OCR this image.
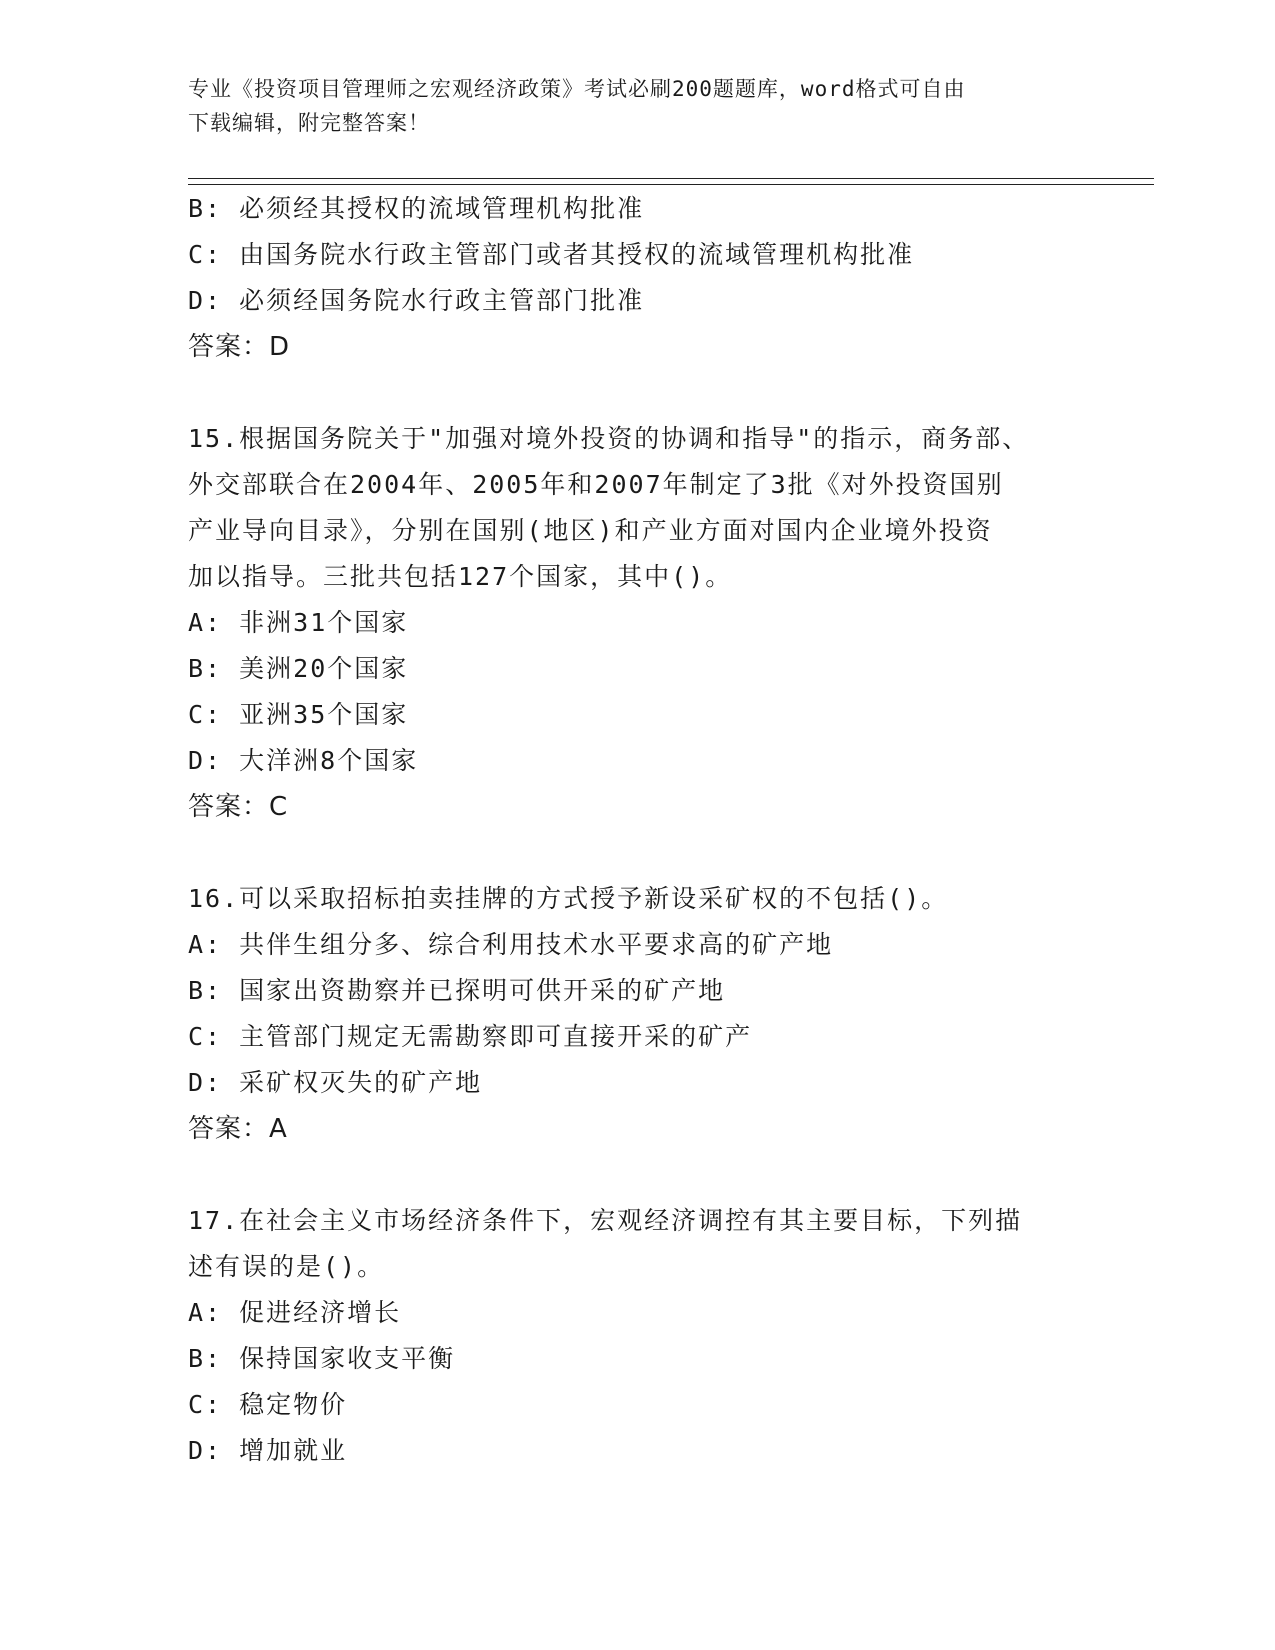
专业《投资项目管理师之宏观经济政策》考试必刷200题题库，word格式可自由
下载编辑，附完整答案！
B: 必须经其授权的流域管理机构批准
C: 由国务院水行政主管部门或者其授权的流域管理机构批准
D: 必须经国务院水行政主管部门批准
答案：D
15.根据国务院关于"加强对境外投资的协调和指导"的指示，商务部、
外交部联合在2004年、2005年和2007年制定了3批《对外投资国别
产业导向目录》，分别在国别(地区)和产业方面对国内企业境外投资
加以指导。三批共包括127个国家，其中()。
A: 非洲31个国家
B: 美洲20个国家
C: 亚洲35个国家
D: 大洋洲8个国家
答案：C
16.可以采取招标拍卖挂牌的方式授予新设采矿权的不包括()。
A: 共伴生组分多、综合利用技术水平要求高的矿产地
B: 国家出资勘察并已探明可供开采的矿产地
C: 主管部门规定无需勘察即可直接开采的矿产
D: 采矿权灭失的矿产地
答案：A
17.在社会主义市场经济条件下，宏观经济调控有其主要目标，下列描
述有误的是()。
A: 促进经济增长
B: 保持国家收支平衡
C: 稳定物价
D: 增加就业
